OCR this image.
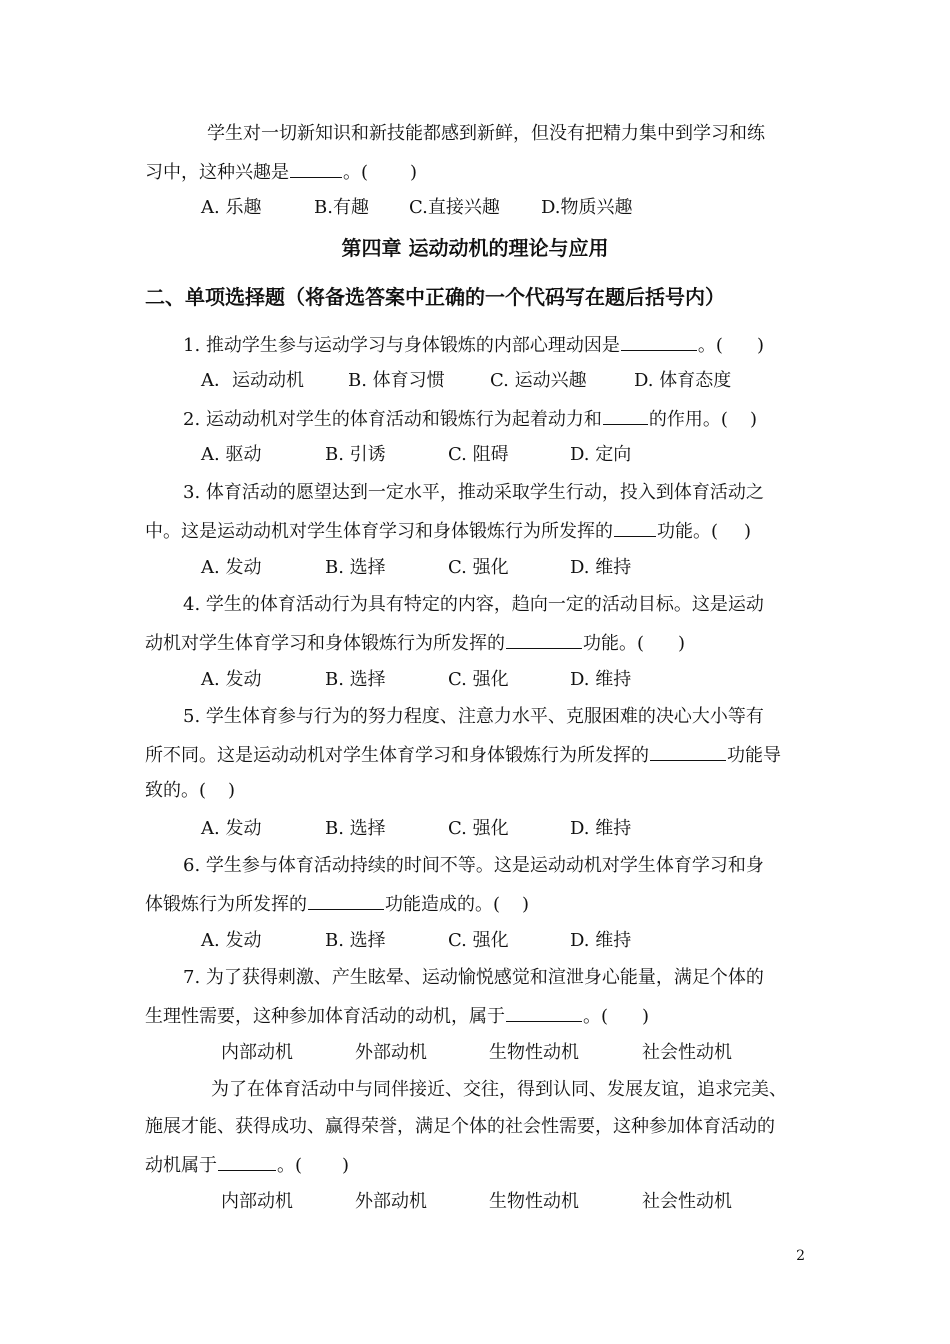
学生对一切新知识和新技能都感到新鲜，但没有把精力集中到学习和练
习中，这种兴趣是	。( )
A. 乐趣	B.有趣 C.直接兴趣 D.物质兴趣
第四章 运动动机的理论与应用
二、单项选择题（将备选答案中正确的一个代码写在题后括号内）
1. 推动学生参与运动学习与身体锻炼的内部心理动因是	。( )
A．运动动机 B. 体育习惯	C. 运动兴趣	D. 体育态度
2. 运动动机对学生的体育活动和锻炼行为起着动力和	的作用。( )
A. 驱动	B. 引诱	C. 阻碍	D. 定向
3. 体育活动的愿望达到一定水平，推动采取学生行动，投入到体育活动之
中。这是运动动机对学生体育学习和身体锻炼行为所发挥的 功能。( )
A. 发动	B. 选择	C. 强化	D. 维持
4. 学生的体育活动行为具有特定的内容，趋向一定的活动目标。这是运动
动机对学生体育学习和身体锻炼行为所发挥的	功能。( )
A. 发动	B. 选择	C. 强化	D. 维持
5. 学生体育参与行为的努力程度、注意力水平、克服困难的决心大小等有
所不同。这是运动动机对学生体育学习和身体锻炼行为所发挥的	功能导
致的。( )
A. 发动	B. 选择	C. 强化	D. 维持
6. 学生参与体育活动持续的时间不等。这是运动动机对学生体育学习和身
体锻炼行为所发挥的	功能造成的。( )
A. 发动	B. 选择	C. 强化	D. 维持
7. 为了获得刺激、产生眩晕、运动愉悦感觉和渲泄身心能量，满足个体的
生理性需要，这种参加体育活动的动机，属于	。( )
内部动机	外部动机	生物性动机	社会性动机
为了在体育活动中与同伴接近、交往，得到认同、发展友谊，追求完美、
施展才能、获得成功、赢得荣誉，满足个体的社会性需要，这种参加体育活动的
动机属于	。( )
内部动机	外部动机	生物性动机	社会性动机
2
